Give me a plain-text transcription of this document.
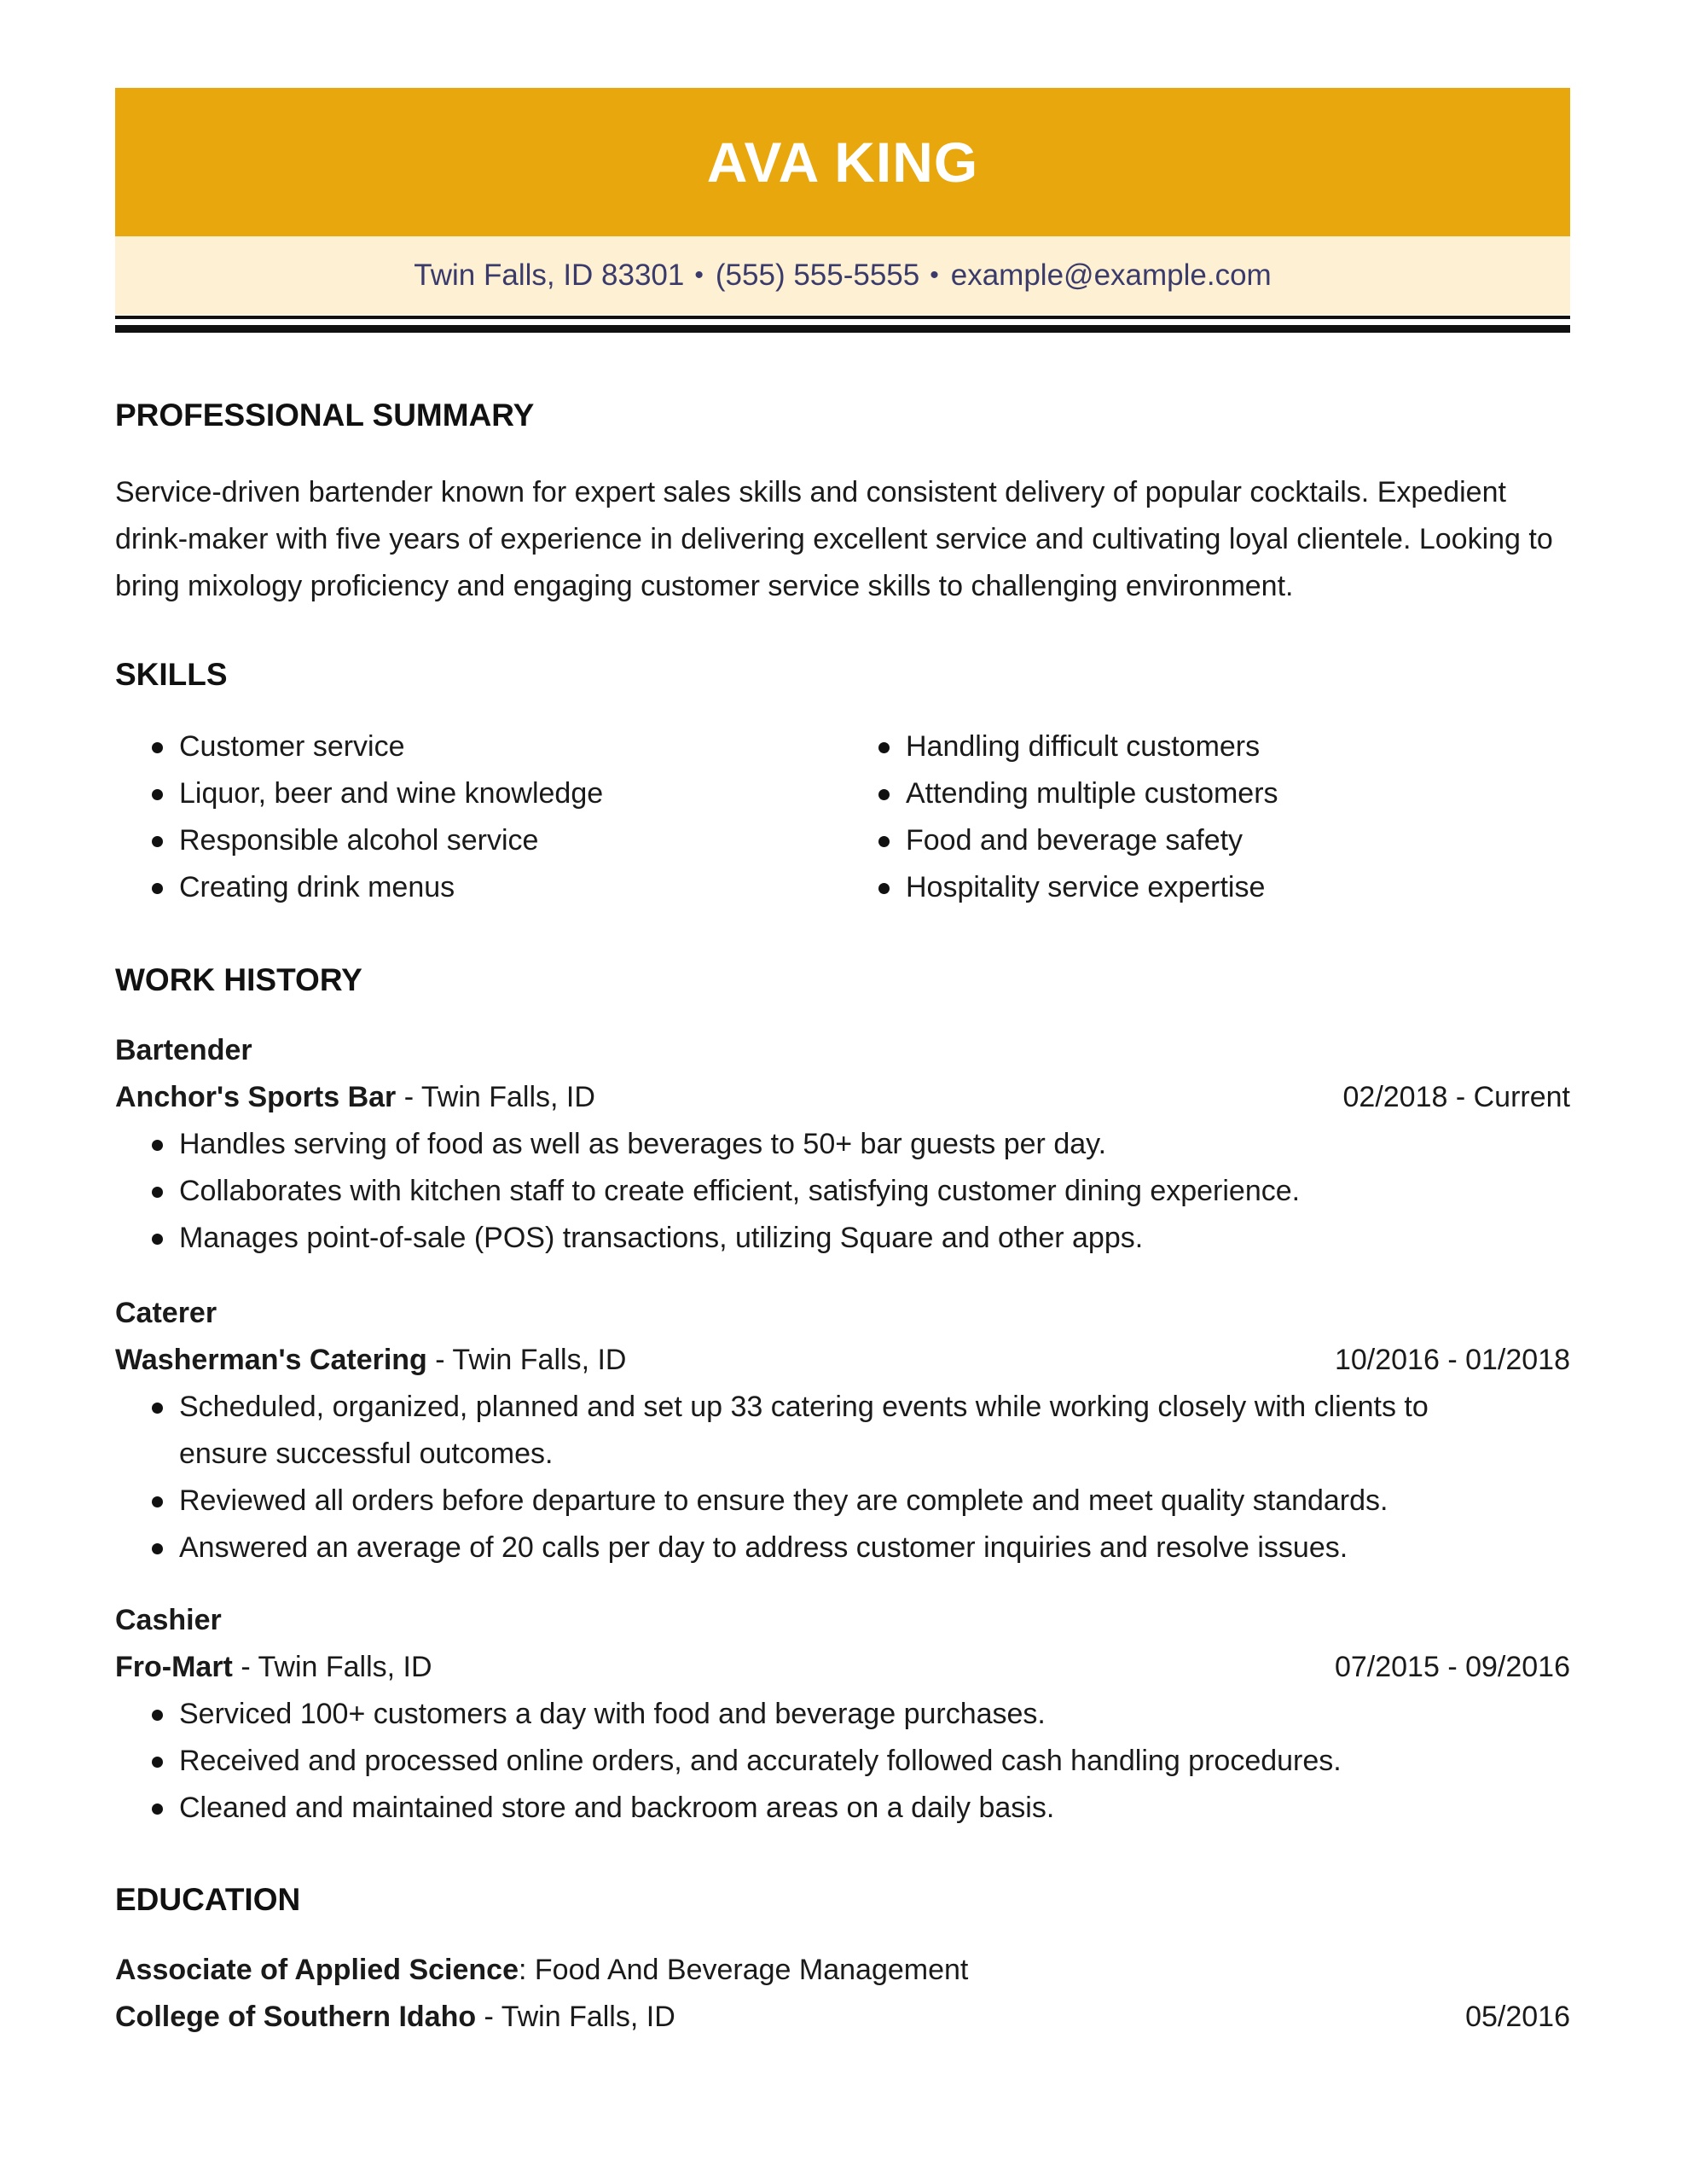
AVA KING
Twin Falls, ID 83301 • (555) 555-5555 • example@example.com
PROFESSIONAL SUMMARY
Service-driven bartender known for expert sales skills and consistent delivery of popular cocktails. Expedient drink-maker with five years of experience in delivering excellent service and cultivating loyal clientele. Looking to bring mixology proficiency and engaging customer service skills to challenging environment.
SKILLS
Customer service
Liquor, beer and wine knowledge
Responsible alcohol service
Creating drink menus
Handling difficult customers
Attending multiple customers
Food and beverage safety
Hospitality service expertise
WORK HISTORY
Bartender
Anchor's Sports Bar - Twin Falls, ID	02/2018 - Current
Handles serving of food as well as beverages to 50+ bar guests per day.
Collaborates with kitchen staff to create efficient, satisfying customer dining experience.
Manages point-of-sale (POS) transactions, utilizing Square and other apps.
Caterer
Washerman's Catering - Twin Falls, ID	10/2016 - 01/2018
Scheduled, organized, planned and set up 33 catering events while working closely with clients to ensure successful outcomes.
Reviewed all orders before departure to ensure they are complete and meet quality standards.
Answered an average of 20 calls per day to address customer inquiries and resolve issues.
Cashier
Fro-Mart - Twin Falls, ID	07/2015 - 09/2016
Serviced 100+ customers a day with food and beverage purchases.
Received and processed online orders, and accurately followed cash handling procedures.
Cleaned and maintained store and backroom areas on a daily basis.
EDUCATION
Associate of Applied Science: Food And Beverage Management
College of Southern Idaho - Twin Falls, ID	05/2016
